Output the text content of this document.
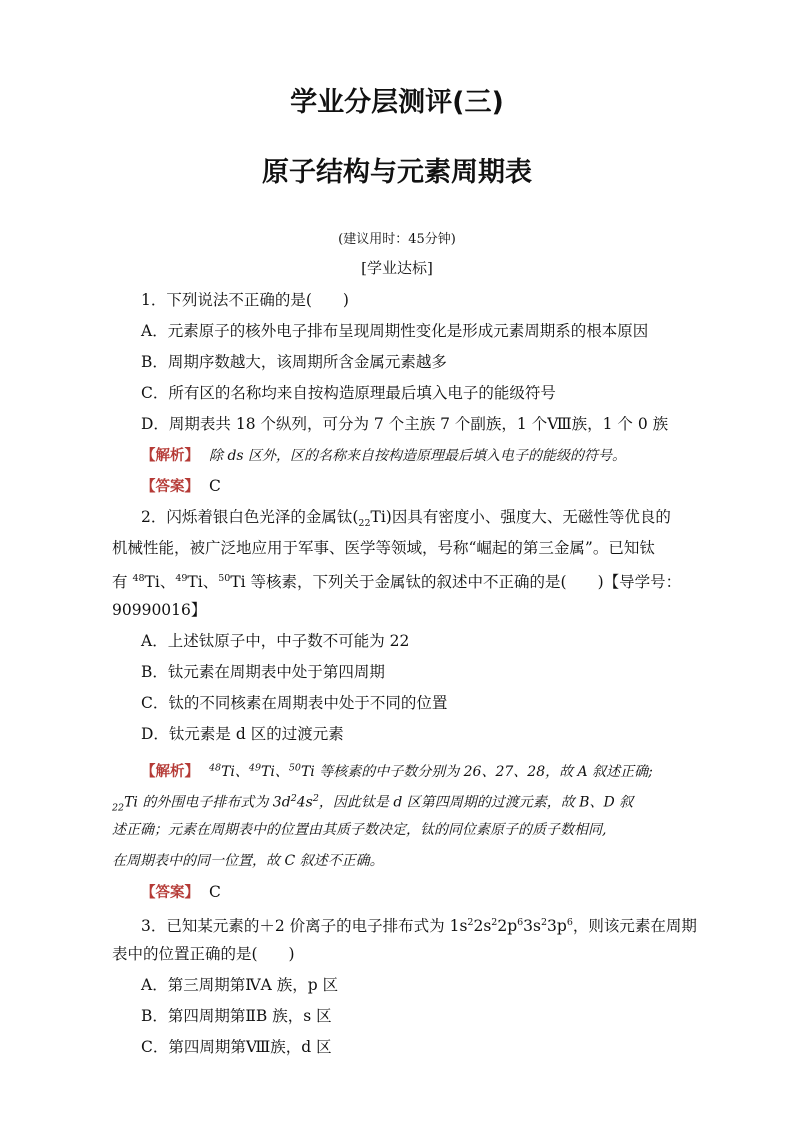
学业分层测评(三)
原子结构与元素周期表
(建议用时：45分钟)
[学业达标]
1．下列说法不正确的是(　　)
A．元素原子的核外电子排布呈现周期性变化是形成元素周期系的根本原因
B．周期序数越大，该周期所含金属元素越多
C．所有区的名称均来自按构造原理最后填入电子的能级符号
D．周期表共 18 个纵列，可分为 7 个主族 7 个副族，1 个Ⅷ族，1 个 0 族
【解析】 除 ds 区外，区的名称来自按构造原理最后填入电子的能级的符号。
【答案】 C
2．闪烁着银白色光泽的金属钛$(_{22}Ti)$因具有密度小、强度大、无磁性等优良的
机械性能，被广泛地应用于军事、医学等领域，号称“崛起的第三金属”。已知钛
有 $^{48}$Ti、$^{49}$Ti、$^{50}$Ti 等核素，下列关于金属钛的叙述中不正确的是(　　)【导学号：
90990016】
A．上述钛原子中，中子数不可能为 22
B．钛元素在周期表中处于第四周期
C．钛的不同核素在周期表中处于不同的位置
D．钛元素是 d 区的过渡元素
【解析】 $^{48}$Ti、$^{49}$Ti、$^{50}$Ti 等核素的中子数分别为 26、27、28，故 A 叙述正确;
$_{22}$Ti 的外围电子排布式为 $3d^24s^2$，因此钛是 d 区第四周期的过渡元素，故 B、D 叙
述正确；元素在周期表中的位置由其质子数决定，钛的同位素原子的质子数相同,
在周期表中的同一位置，故 C 叙述不正确。
【答案】 C
3．已知某元素的＋2 价离子的电子排布式为 $1s^22s^22p^63s^23p^6$，则该元素在周期
表中的位置正确的是(　　)
A．第三周期第ⅣA 族，p 区
B．第四周期第ⅡB 族，s 区
C．第四周期第Ⅷ族，d 区
